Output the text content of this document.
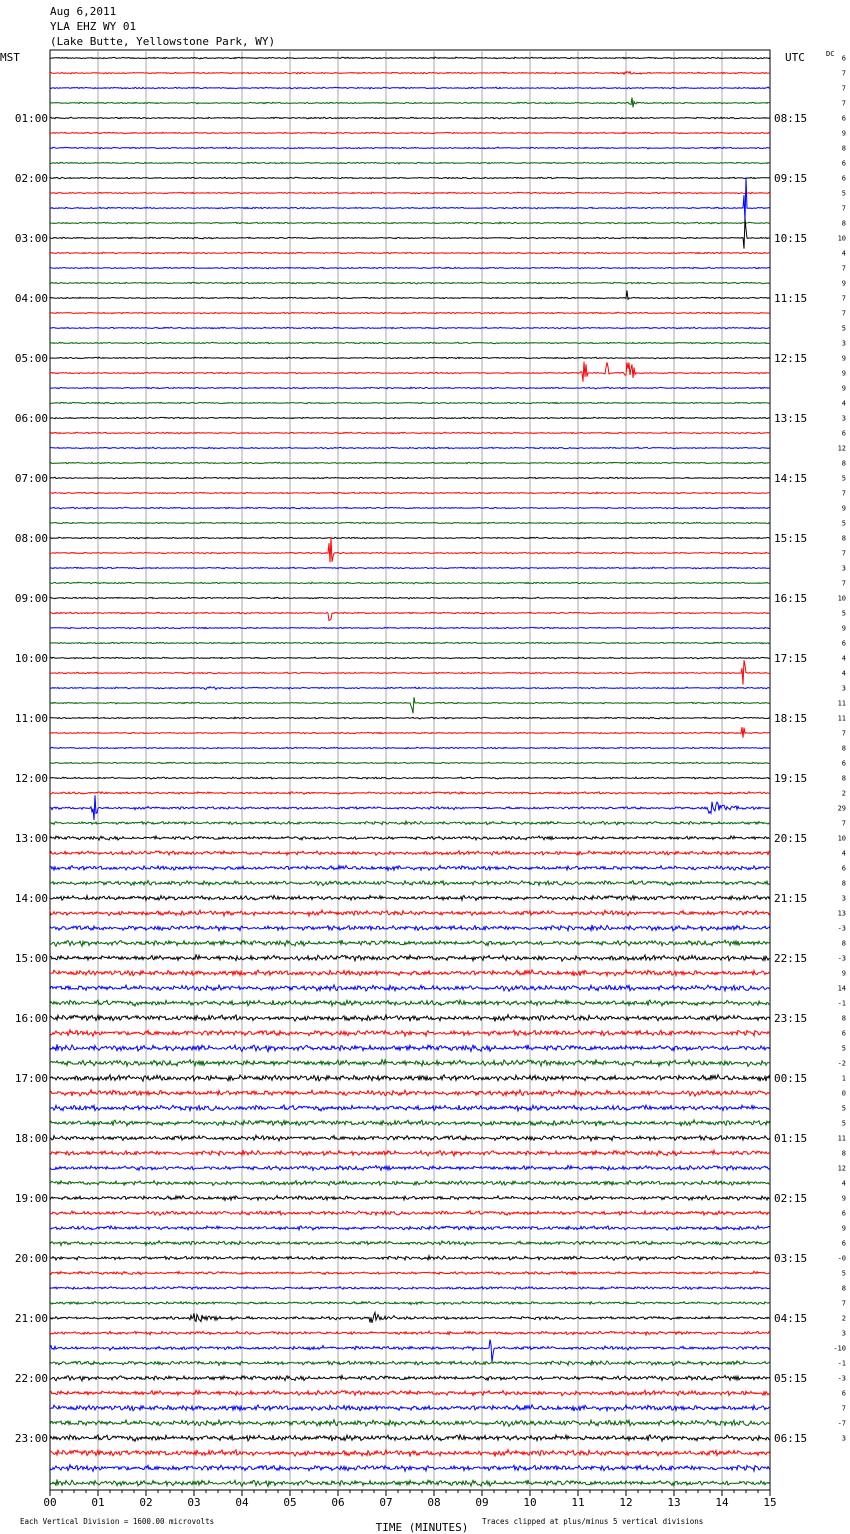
Aug 6,2011
YLA EHZ WY 01
(Lake Butte, Yellowstone Park, WY)
MST	UTC	DC
00	01	02	03	04	05	06	07	08	09	10	11	12	13	14	15
6
7
7
7
6
9
8
6
6
5
7
8
10
4
7
9
7
7
5
3
9
9
9
4
3
6
12
8
5
7
9
5
8
7
3
7
10
5
9
6
4
4
3
11
11
7
8
6
8
2
29
7
10
4
6
8
3
13
-3
8
-3
9
14
-1
8
6
5
-2
1
0
5
5
11
8
12
4
9
6
9
6
-0
5
8
7
2
3
-10
-1
-3
6
7
-7
3
01:00
02:00
03:00
04:00
05:00
06:00
07:00
08:00
09:00
10:00
11:00
12:00
13:00
14:00
15:00
16:00
17:00
18:00
19:00
20:00
21:00
22:00
23:00
08:15
09:15
10:15
11:15
12:15
13:15
14:15
15:15
16:15
17:15
18:15
19:15
20:15
21:15
22:15
23:15
00:15
01:15
02:15
03:15
04:15
05:15
06:15
TIME (MINUTES)
Each Vertical Division = 1600.00 microvolts	Traces clipped at plus/minus 5 vertical divisions
